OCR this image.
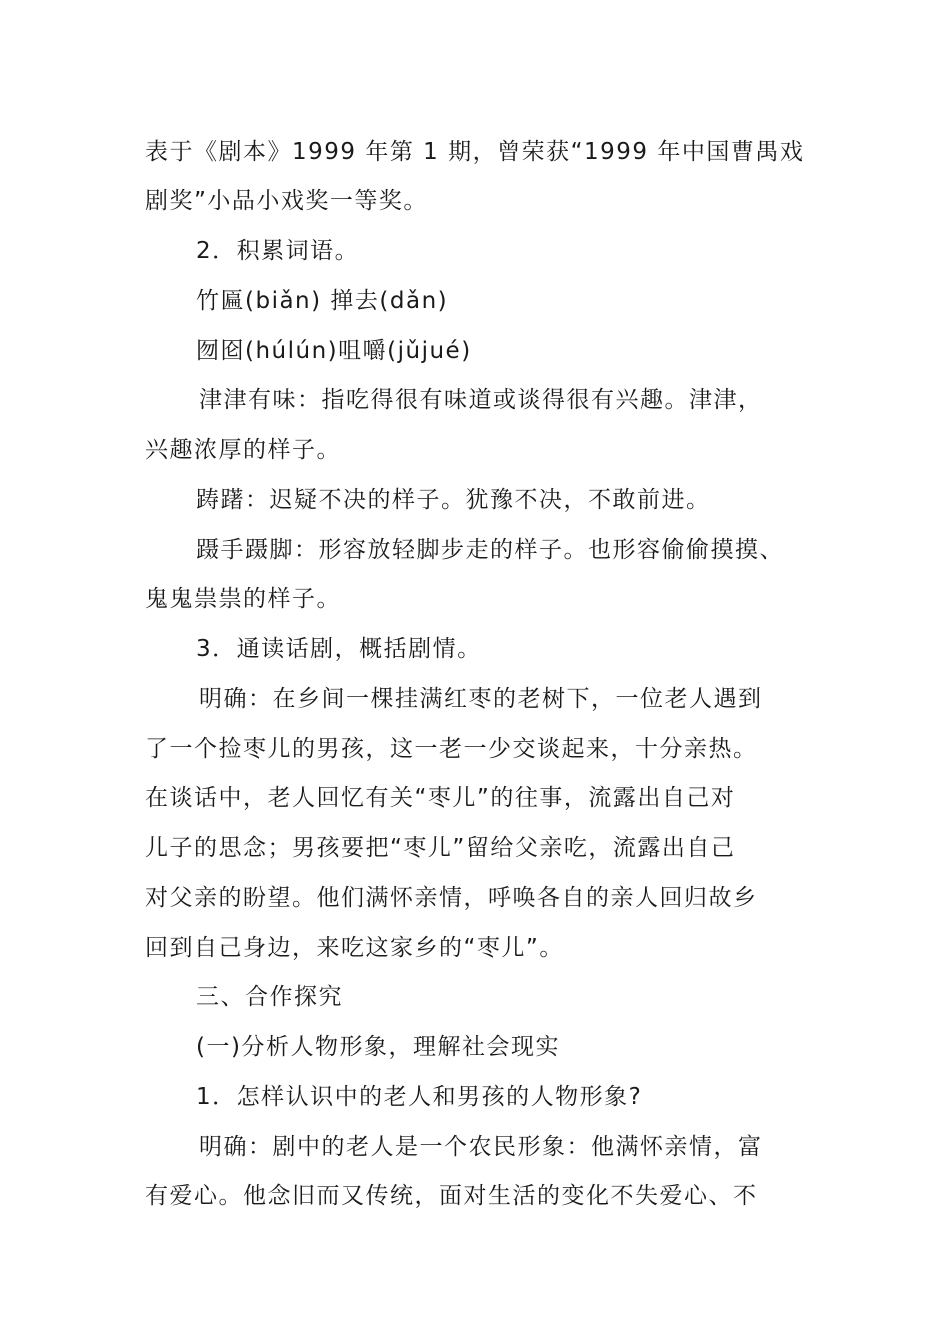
表于《剧本》1999 年第 1 期，曾荣获“1999 年中国曹禺戏
剧奖”小品小戏奖一等奖。
2．积累词语。
竹匾(biǎn) 掸去(dǎn)
囫囵(húlún)咀嚼(jǔjué)
津津有味：指吃得很有味道或谈得很有兴趣。津津，
兴趣浓厚的样子。
踌躇：迟疑不决的样子。犹豫不决，不敢前进。
蹑手蹑脚：形容放轻脚步走的样子。也形容偷偷摸摸、
鬼鬼祟祟的样子。
3．通读话剧，概括剧情。
明确：在乡间一棵挂满红枣的老树下，一位老人遇到
了一个捡枣儿的男孩，这一老一少交谈起来，十分亲热。
在谈话中，老人回忆有关“枣儿”的往事，流露出自己对
儿子的思念；男孩要把“枣儿”留给父亲吃，流露出自己
对父亲的盼望。他们满怀亲情，呼唤各自的亲人回归故乡
回到自己身边，来吃这家乡的“枣儿”。
三、合作探究
(一)分析人物形象，理解社会现实
1．怎样认识中的老人和男孩的人物形象?
明确：剧中的老人是一个农民形象：他满怀亲情，富
有爱心。他念旧而又传统，面对生活的变化不失爱心、不
